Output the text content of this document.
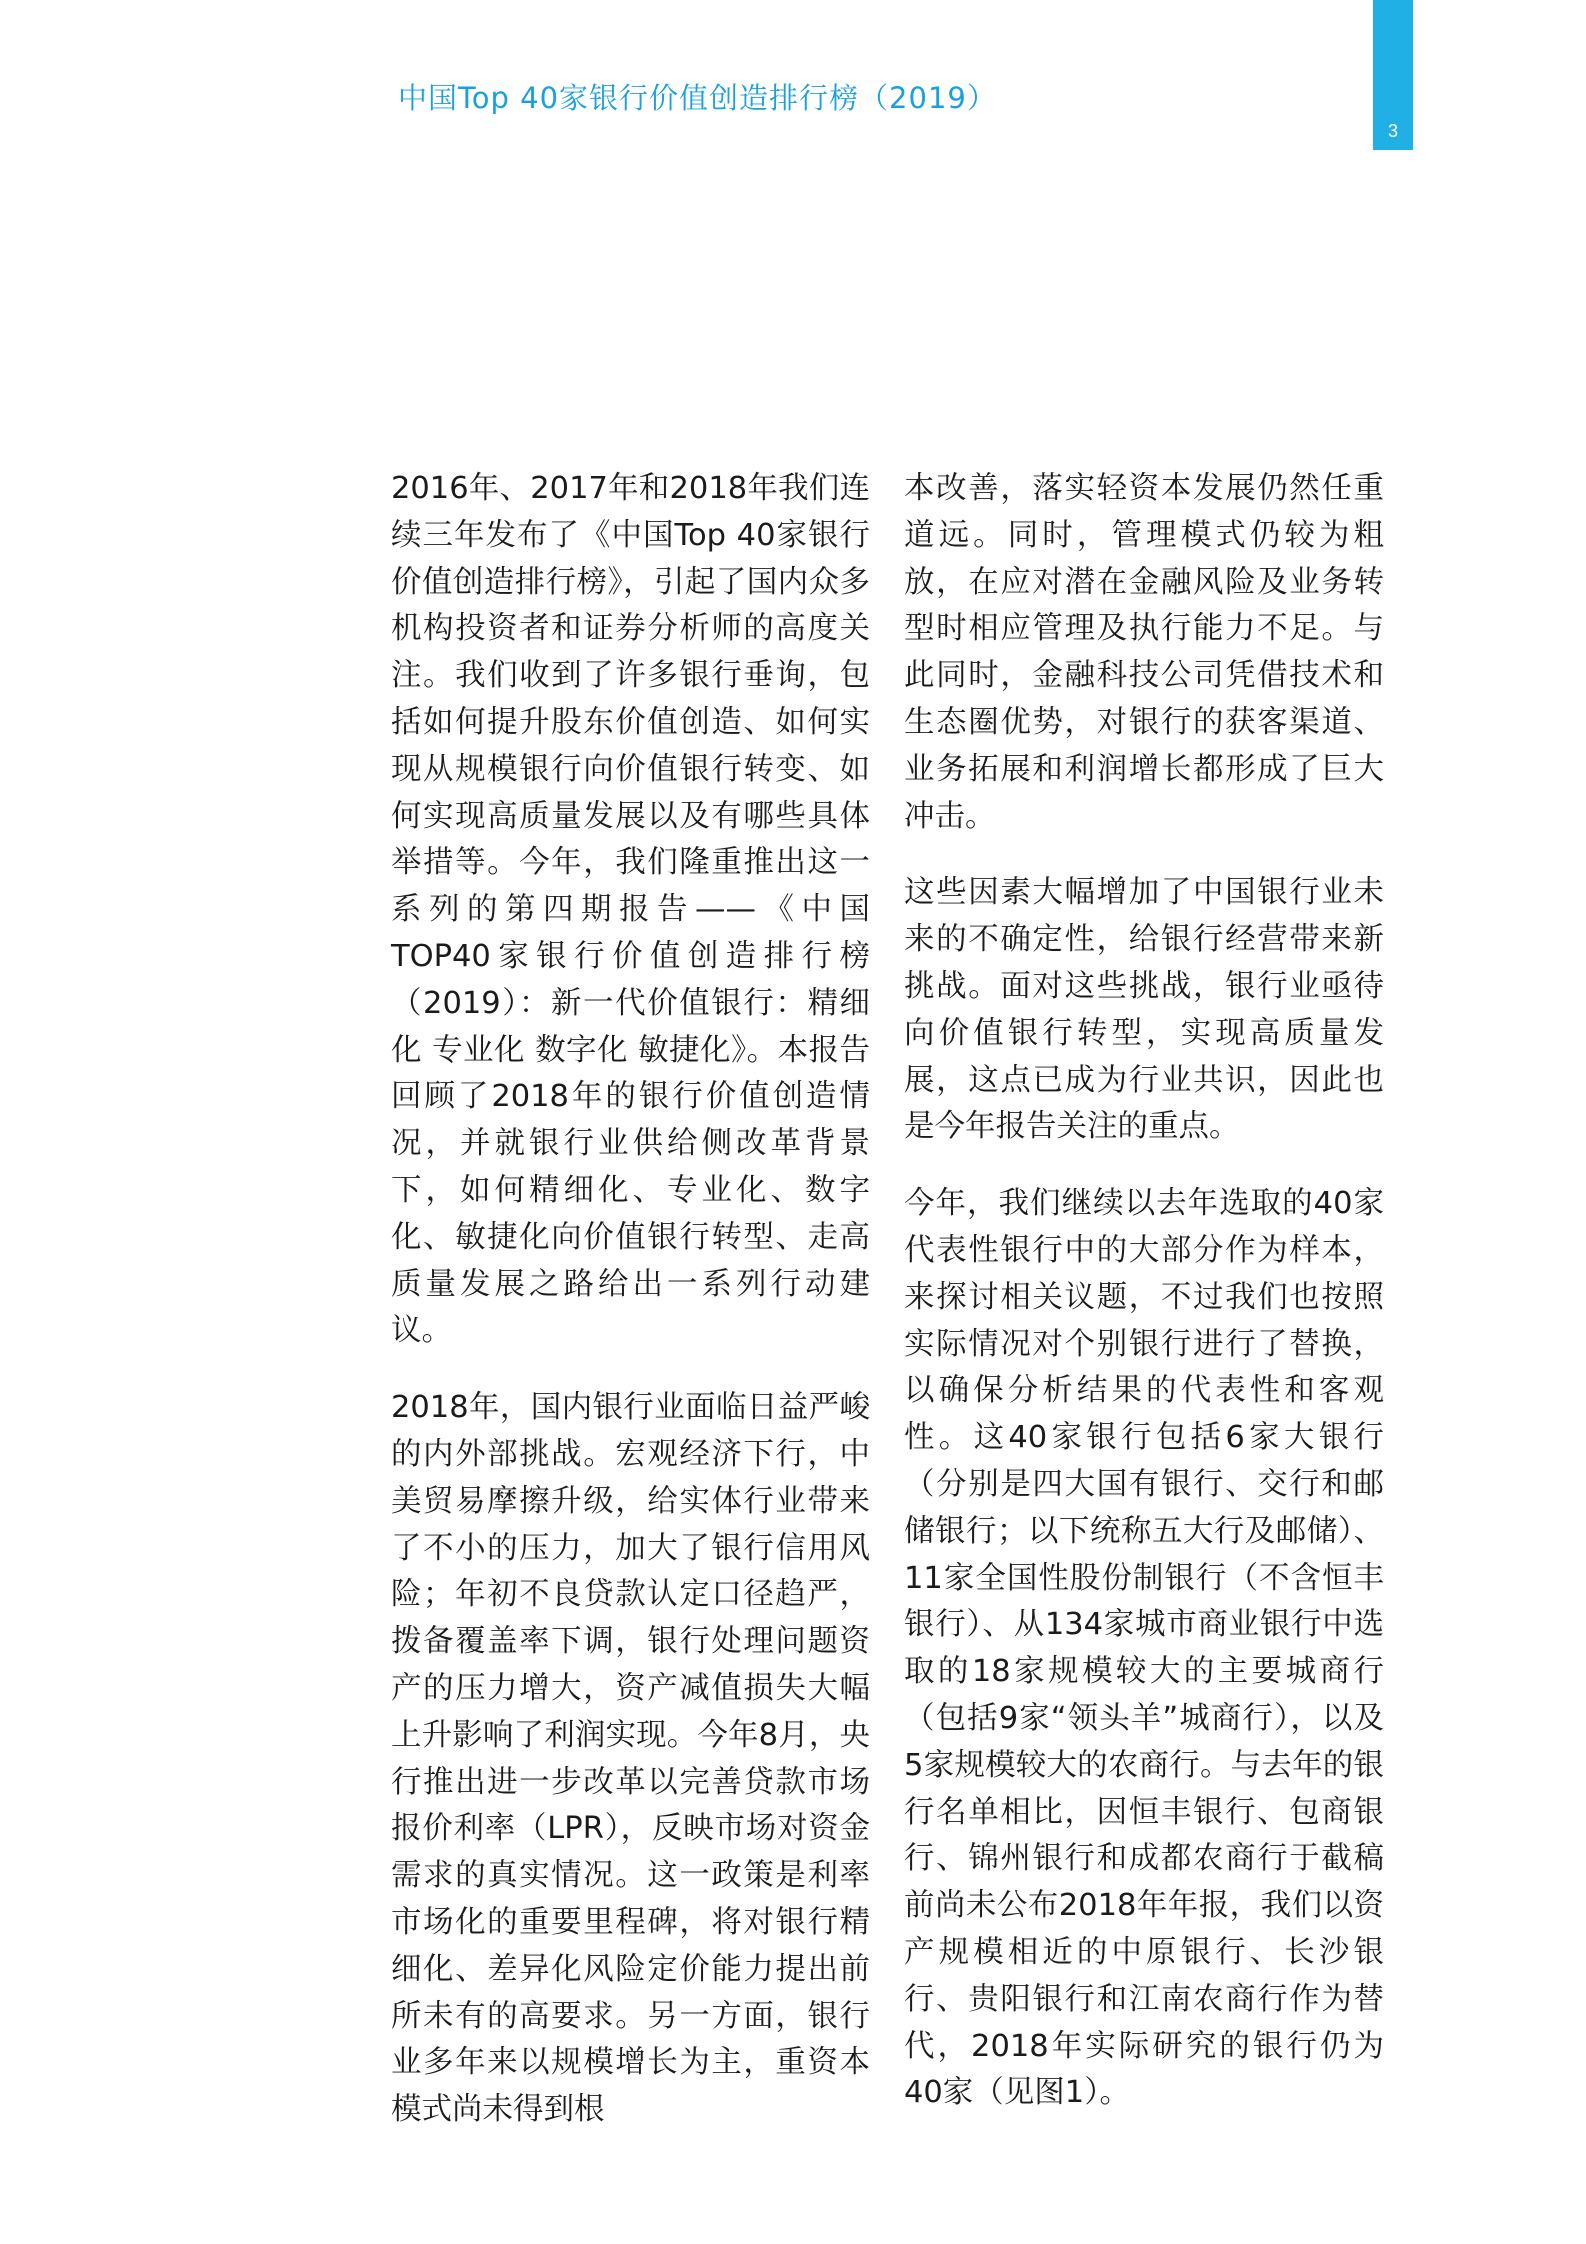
中国Top 40家银行价值创造排行榜（2019）
3

2016年、2017年和2018年我们连续三年发布了《中国Top 40家银行价值创造排行榜》，引起了国内众多机构投资者和证券分析师的高度关注。我们收到了许多银行垂询，包括如何提升股东价值创造、如何实现从规模银行向价值银行转变、如何实现高质量发展以及有哪些具体举措等。今年，我们隆重推出这一系列的第四期报告——《中国TOP40家银行价值创造排行榜（2019）：新一代价值银行：精细化 专业化 数字化 敏捷化》。本报告回顾了2018年的银行价值创造情况，并就银行业供给侧改革背景下，如何精细化、专业化、数字化、敏捷化向价值银行转型、走高质量发展之路给出一系列行动建议。

2018年，国内银行业面临日益严峻的内外部挑战。宏观经济下行，中美贸易摩擦升级，给实体行业带来了不小的压力，加大了银行信用风险；年初不良贷款认定口径趋严，拨备覆盖率下调，银行处理问题资产的压力增大，资产减值损失大幅上升影响了利润实现。今年8月，央行推出进一步改革以完善贷款市场报价利率（LPR），反映市场对资金需求的真实情况。这一政策是利率市场化的重要里程碑，将对银行精细化、差异化风险定价能力提出前所未有的高要求。另一方面，银行业多年来以规模增长为主，重资本模式尚未得到根

本改善，落实轻资本发展仍然任重道远。同时，管理模式仍较为粗放，在应对潜在金融风险及业务转型时相应管理及执行能力不足。与此同时，金融科技公司凭借技术和生态圈优势，对银行的获客渠道、业务拓展和利润增长都形成了巨大冲击。

这些因素大幅增加了中国银行业未来的不确定性，给银行经营带来新挑战。面对这些挑战，银行业亟待向价值银行转型，实现高质量发展，这点已成为行业共识，因此也是今年报告关注的重点。

今年，我们继续以去年选取的40家代表性银行中的大部分作为样本，来探讨相关议题，不过我们也按照实际情况对个别银行进行了替换，以确保分析结果的代表性和客观性。这40家银行包括6家大银行（分别是四大国有银行、交行和邮储银行；以下统称五大行及邮储）、11家全国性股份制银行（不含恒丰银行）、从134家城市商业银行中选取的18家规模较大的主要城商行（包括9家“领头羊”城商行），以及5家规模较大的农商行。与去年的银行名单相比，因恒丰银行、包商银行、锦州银行和成都农商行于截稿前尚未公布2018年年报，我们以资产规模相近的中原银行、长沙银行、贵阳银行和江南农商行作为替代，2018年实际研究的银行仍为40家（见图1）。
